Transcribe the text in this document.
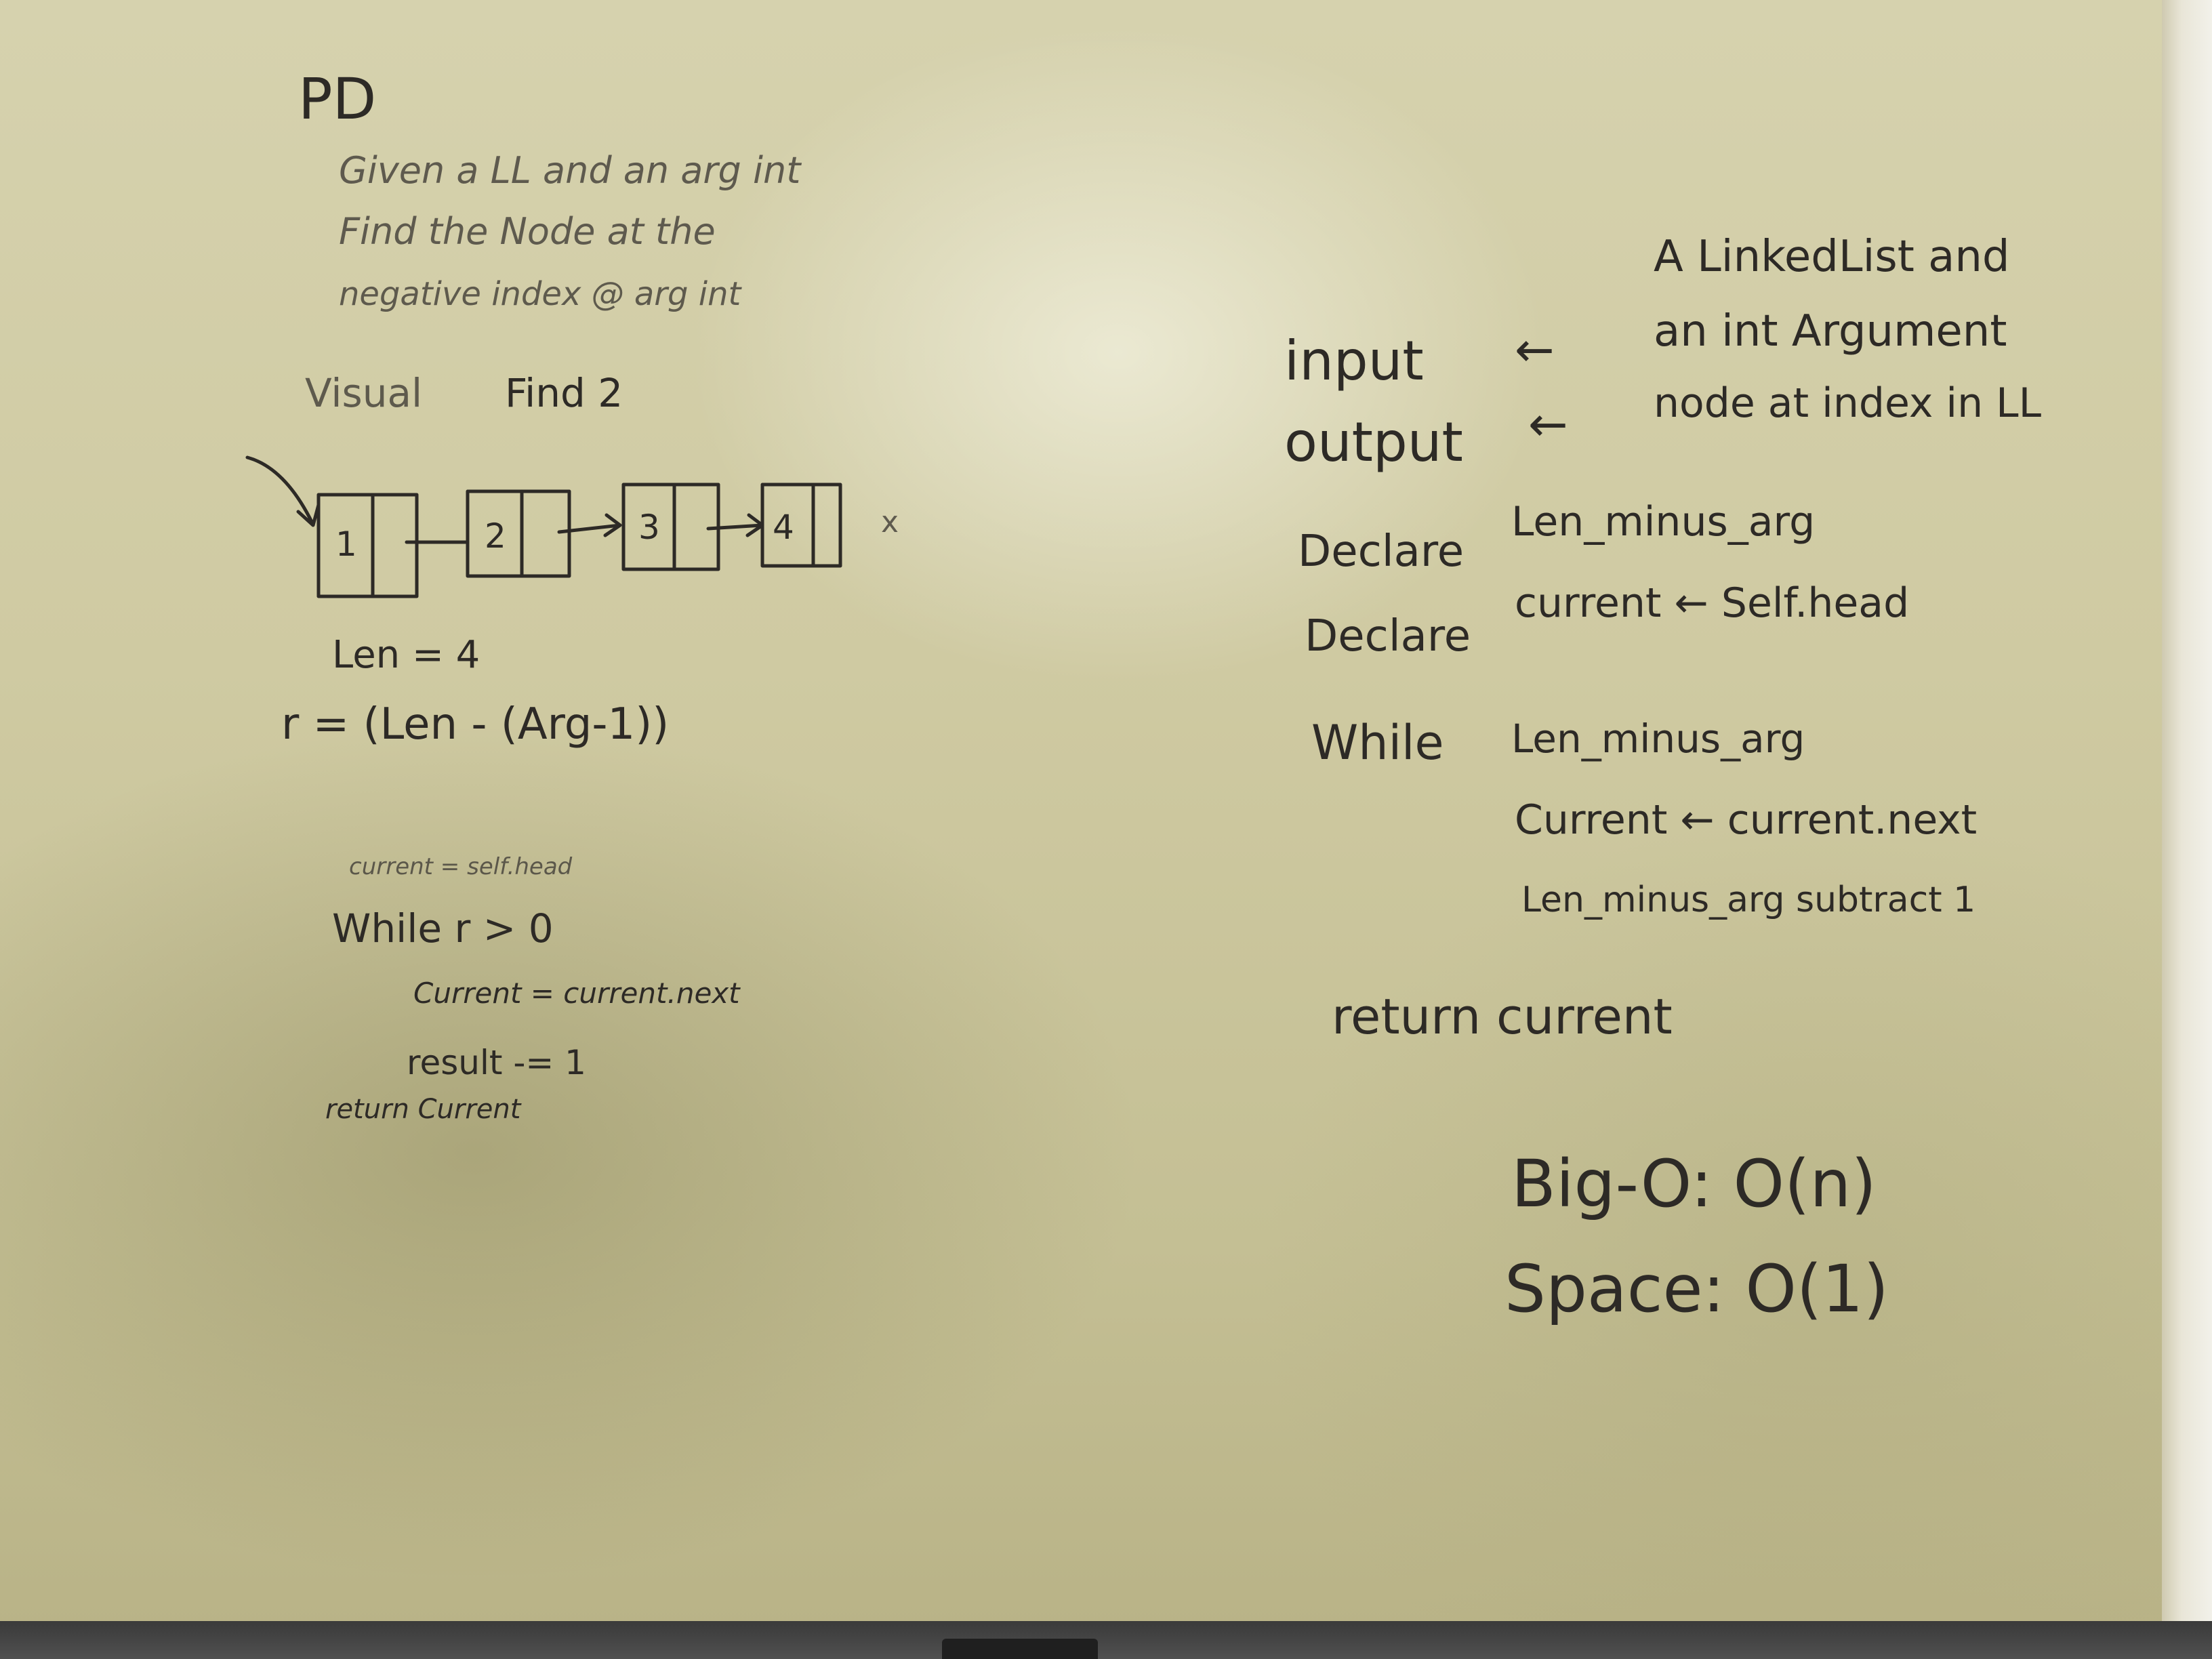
PD
Given a LL and an arg int
Find the Node at the
negative index @ arg int
Visual Find 2
1	2	3	4	x
Len = 4
r = (Len - (Arg-1))
current = self.head
While r > 0
Current = current.next
result -= 1
return Current
A LinkedList and
input ← an int Argument
output ← node at index in LL
Declare
Len_minus_arg
Declare
current ← Self.head
While Len_minus_arg
Current ← current.next
Len_minus_arg subtract 1
return current
Big-O: O(n)
Space: O(1)
